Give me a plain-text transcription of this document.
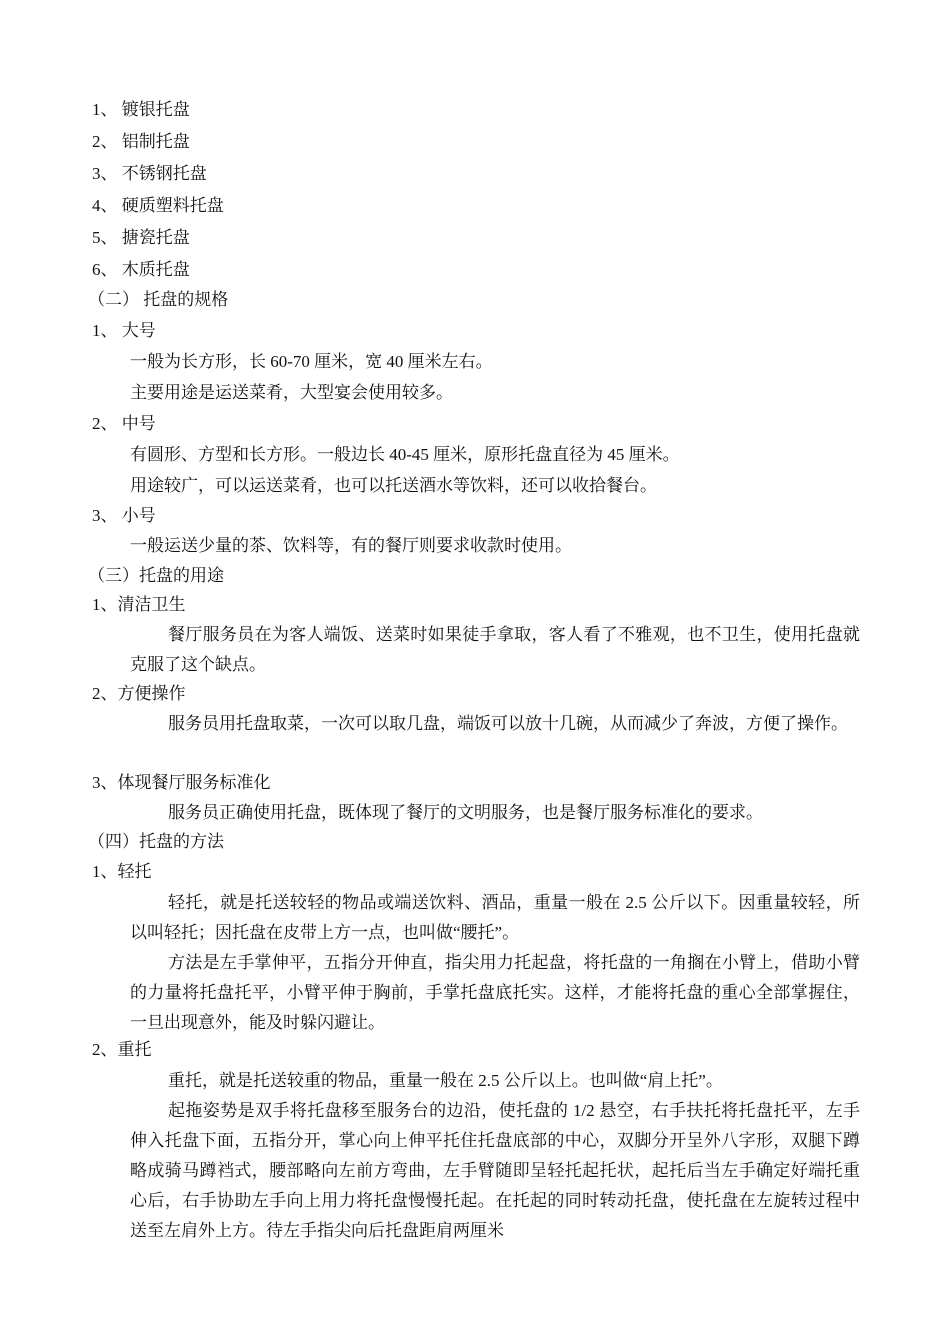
1、 镀银托盘
2、 铝制托盘
3、 不锈钢托盘
4、 硬质塑料托盘
5、 搪瓷托盘
6、 木质托盘
（二） 托盘的规格
1、 大号
一般为长方形，长 60-70 厘米，宽 40 厘米左右。
主要用途是运送菜肴，大型宴会使用较多。
2、 中号
有圆形、方型和长方形。一般边长 40-45 厘米，原形托盘直径为 45 厘米。
用途较广，可以运送菜肴，也可以托送酒水等饮料，还可以收拾餐台。
3、 小号
一般运送少量的茶、饮料等，有的餐厅则要求收款时使用。
（三）托盘的用途
1、清洁卫生
餐厅服务员在为客人端饭、送菜时如果徒手拿取，客人看了不雅观，也不卫生，使用托盘就克服了这个缺点。
2、方便操作
服务员用托盘取菜，一次可以取几盘，端饭可以放十几碗，从而减少了奔波，方便了操作。
3、体现餐厅服务标准化
服务员正确使用托盘，既体现了餐厅的文明服务，也是餐厅服务标准化的要求。
（四）托盘的方法
1、轻托
轻托，就是托送较轻的物品或端送饮料、酒品，重量一般在 2.5 公斤以下。因重量较轻，所以叫轻托；因托盘在皮带上方一点，也叫做“腰托”。
方法是左手掌伸平，五指分开伸直，指尖用力托起盘，将托盘的一角搁在小臂上，借助小臂的力量将托盘托平，小臂平伸于胸前，手掌托盘底托实。这样，才能将托盘的重心全部掌握住，一旦出现意外，能及时躲闪避让。
2、重托
重托，就是托送较重的物品，重量一般在 2.5 公斤以上。也叫做“肩上托”。
起拖姿势是双手将托盘移至服务台的边沿，使托盘的 1/2 悬空，右手扶托将托盘托平，左手伸入托盘下面，五指分开，掌心向上伸平托住托盘底部的中心，双脚分开呈外八字形，双腿下蹲略成骑马蹲裆式，腰部略向左前方弯曲，左手臂随即呈轻托起托状，起托后当左手确定好端托重心后，右手协助左手向上用力将托盘慢慢托起。在托起的同时转动托盘，使托盘在左旋转过程中送至左肩外上方。待左手指尖向后托盘距肩两厘米
